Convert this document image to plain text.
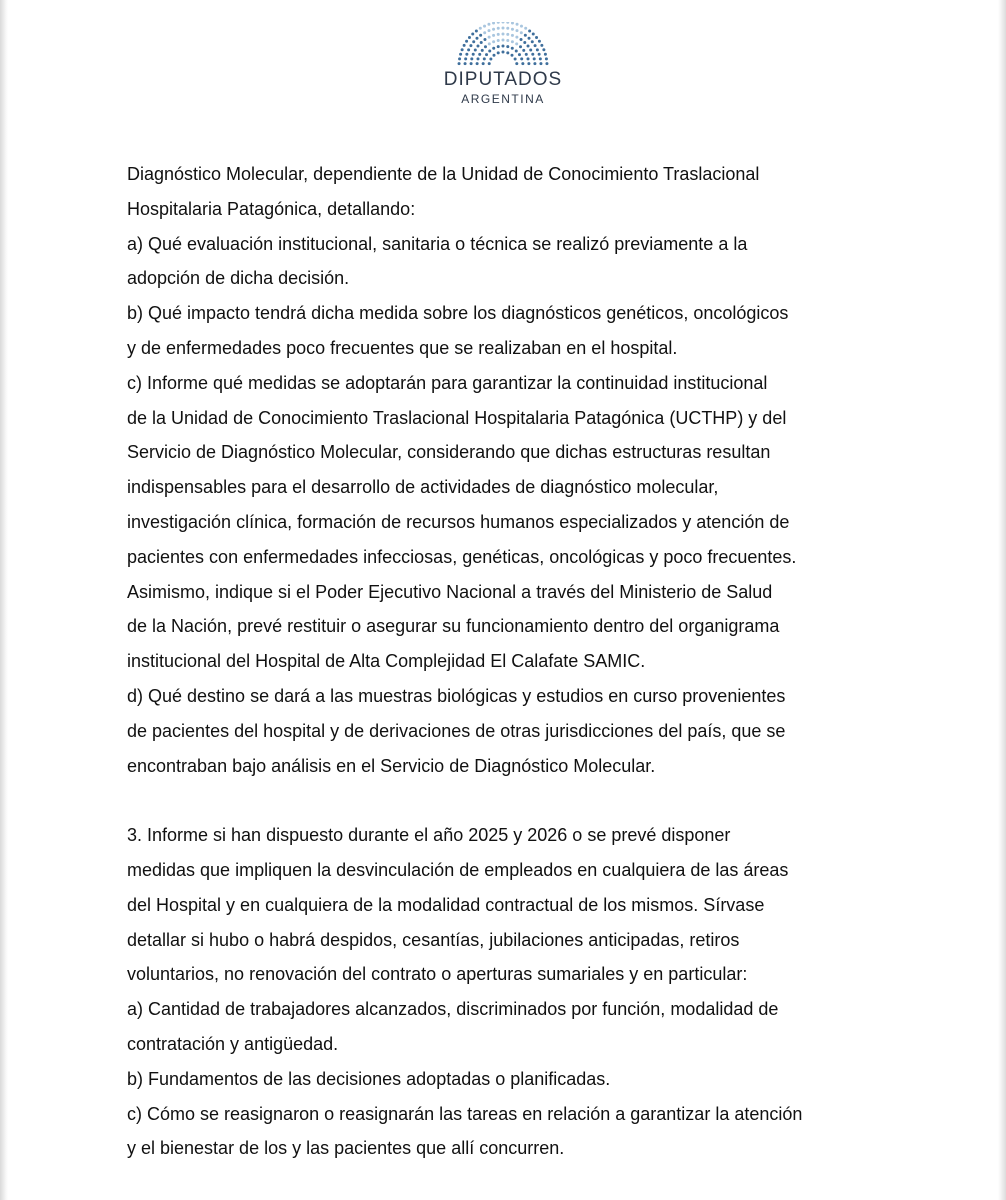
DIPUTADOS
ARGENTINA
Diagnóstico Molecular, dependiente de la Unidad de Conocimiento Traslacional
Hospitalaria Patagónica, detallando:
a) Qué evaluación institucional, sanitaria o técnica se realizó previamente a la
adopción de dicha decisión.
b) Qué impacto tendrá dicha medida sobre los diagnósticos genéticos, oncológicos
y de enfermedades poco frecuentes que se realizaban en el hospital.
c) Informe qué medidas se adoptarán para garantizar la continuidad institucional
de la Unidad de Conocimiento Traslacional Hospitalaria Patagónica (UCTHP) y del
Servicio de Diagnóstico Molecular, considerando que dichas estructuras resultan
indispensables para el desarrollo de actividades de diagnóstico molecular,
investigación clínica, formación de recursos humanos especializados y atención de
pacientes con enfermedades infecciosas, genéticas, oncológicas y poco frecuentes.
Asimismo, indique si el Poder Ejecutivo Nacional a través del Ministerio de Salud
de la Nación, prevé restituir o asegurar su funcionamiento dentro del organigrama
institucional del Hospital de Alta Complejidad El Calafate SAMIC.
d) Qué destino se dará a las muestras biológicas y estudios en curso provenientes
de pacientes del hospital y de derivaciones de otras jurisdicciones del país, que se
encontraban bajo análisis en el Servicio de Diagnóstico Molecular.
3. Informe si han dispuesto durante el año 2025 y 2026 o se prevé disponer
medidas que impliquen la desvinculación de empleados en cualquiera de las áreas
del Hospital y en cualquiera de la modalidad contractual de los mismos. Sírvase
detallar si hubo o habrá despidos, cesantías, jubilaciones anticipadas, retiros
voluntarios, no renovación del contrato o aperturas sumariales y en particular:
a) Cantidad de trabajadores alcanzados, discriminados por función, modalidad de
contratación y antigüedad.
b) Fundamentos de las decisiones adoptadas o planificadas.
c) Cómo se reasignaron o reasignarán las tareas en relación a garantizar la atención
y el bienestar de los y las pacientes que allí concurren.
